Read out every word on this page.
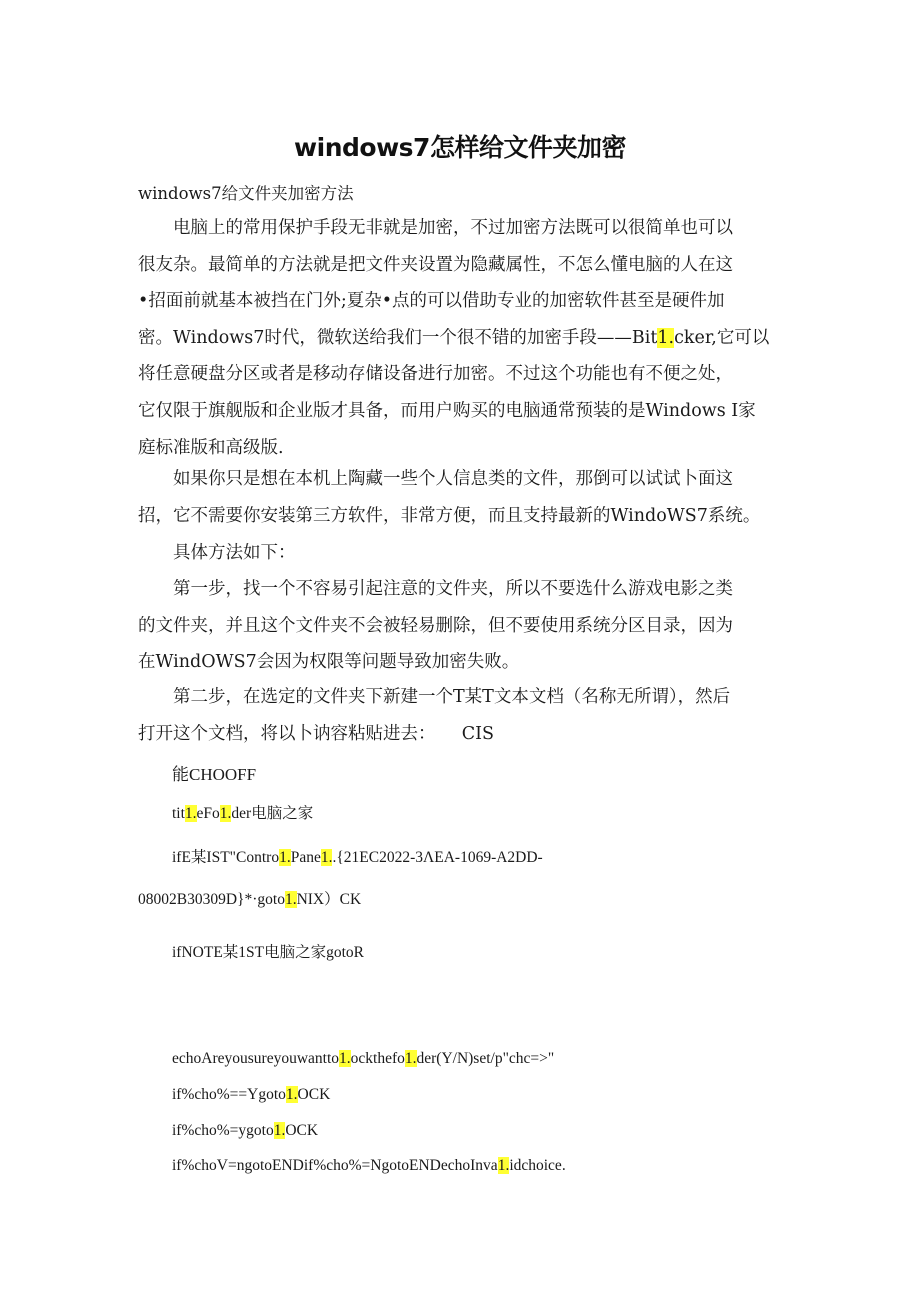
windows7怎样给文件夹加密
windows7给文件夹加密方法
　　电脑上的常用保护手段无非就是加密，不过加密方法既可以很简单也可以
很友杂。最简单的方法就是把文件夹设置为隐藏属性，不怎么懂电脑的人在这
•招面前就基本被挡在门外;夏杂•点的可以借助专业的加密软件甚至是硬件加
密。Windows7时代，微软送给我们一个很不错的加密手段——Bit1.cker,它可以
将任意硬盘分区或者是移动存储设备进行加密。不过这个功能也有不便之处，
它仅限于旗舰版和企业版才具备，而用户购买的电脑通常预装的是Windows I家
庭标准版和高级版.
　　如果你只是想在本机上陶藏一些个人信息类的文件，那倒可以试试卜面这
招，它不需要你安装第三方软件，非常方便，而且支持最新的WindoWS7系统。
　　具体方法如下：
　　第一步，找一个不容易引起注意的文件夹，所以不要选什么游戏电影之类
的文件夹，并且这个文件夹不会被轻易删除，但不要使用系统分区目录，因为
在WindOWS7会因为权限等问题导致加密失败。
　　第二步，在选定的文件夹下新建一个T某T文本文档（名称无所谓），然后
打开这个文档，将以卜讷容粘贴进去：　　CIS
能CHOOFF
tit1.eFo1.der电脑之家
ifE某IST"Contro1.Pane1..{21EC2022-3ΛEA-1069-A2DD-
08002B30309D}*·goto1.NIX）CK
ifNOTE某1ST电脑之家gotoR
echoAreyousureyouwantto1.ockthefo1.der(Y/N)set/p"chc=>"
if%cho%==Ygoto1.OCK
if%cho%=ygoto1.OCK
if%choV=ngotoENDif%cho%=NgotoENDechoInva1.idchoice.
